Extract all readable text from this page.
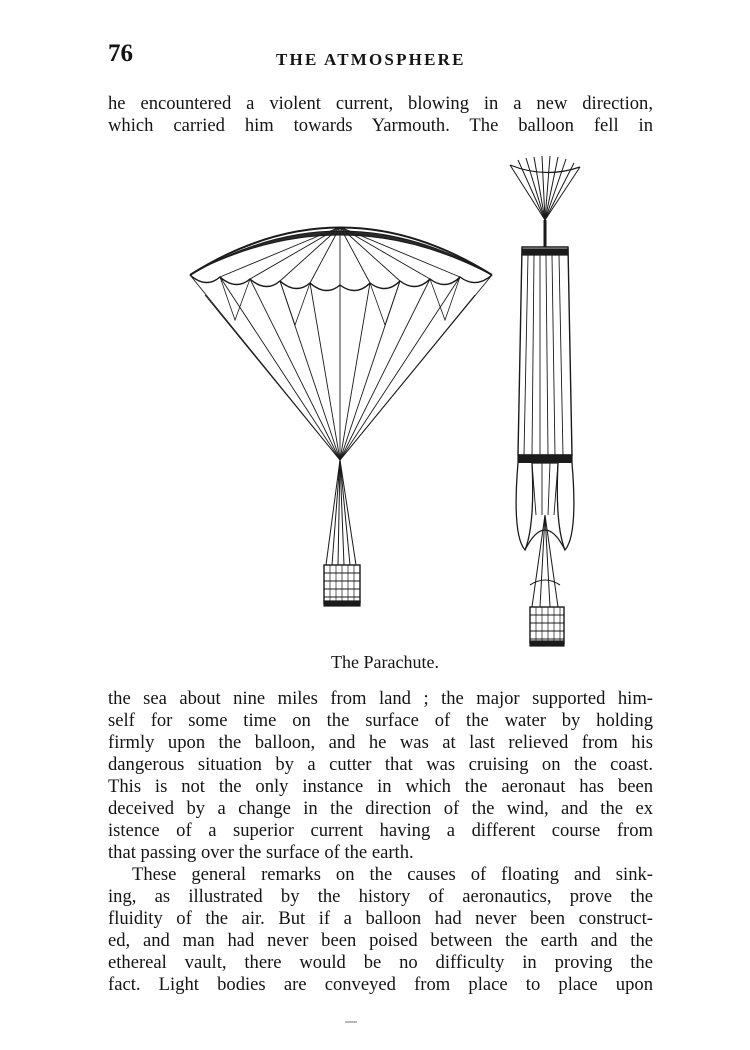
76	THE ATMOSPHERE

he encountered a violent current, blowing in a new direction,
which carried him towards Yarmouth. The balloon fell in

The Parachute.

the sea about nine miles from land ; the major supported him-
self for some time on the surface of the water by holding
firmly upon the balloon, and he was at last relieved from his
dangerous situation by a cutter that was cruising on the coast.
This is not the only instance in which the aeronaut has been
deceived by a change in the direction of the wind, and the ex
istence of a superior current having a different course from
that passing over the surface of the earth.

These general remarks on the causes of floating and sink-
ing, as illustrated by the history of aeronautics, prove the
fluidity of the air. But if a balloon had never been construct-
ed, and man had never been poised between the earth and the
ethereal vault, there would be no difficulty in proving the
fact. Light bodies are conveyed from place to place upon
